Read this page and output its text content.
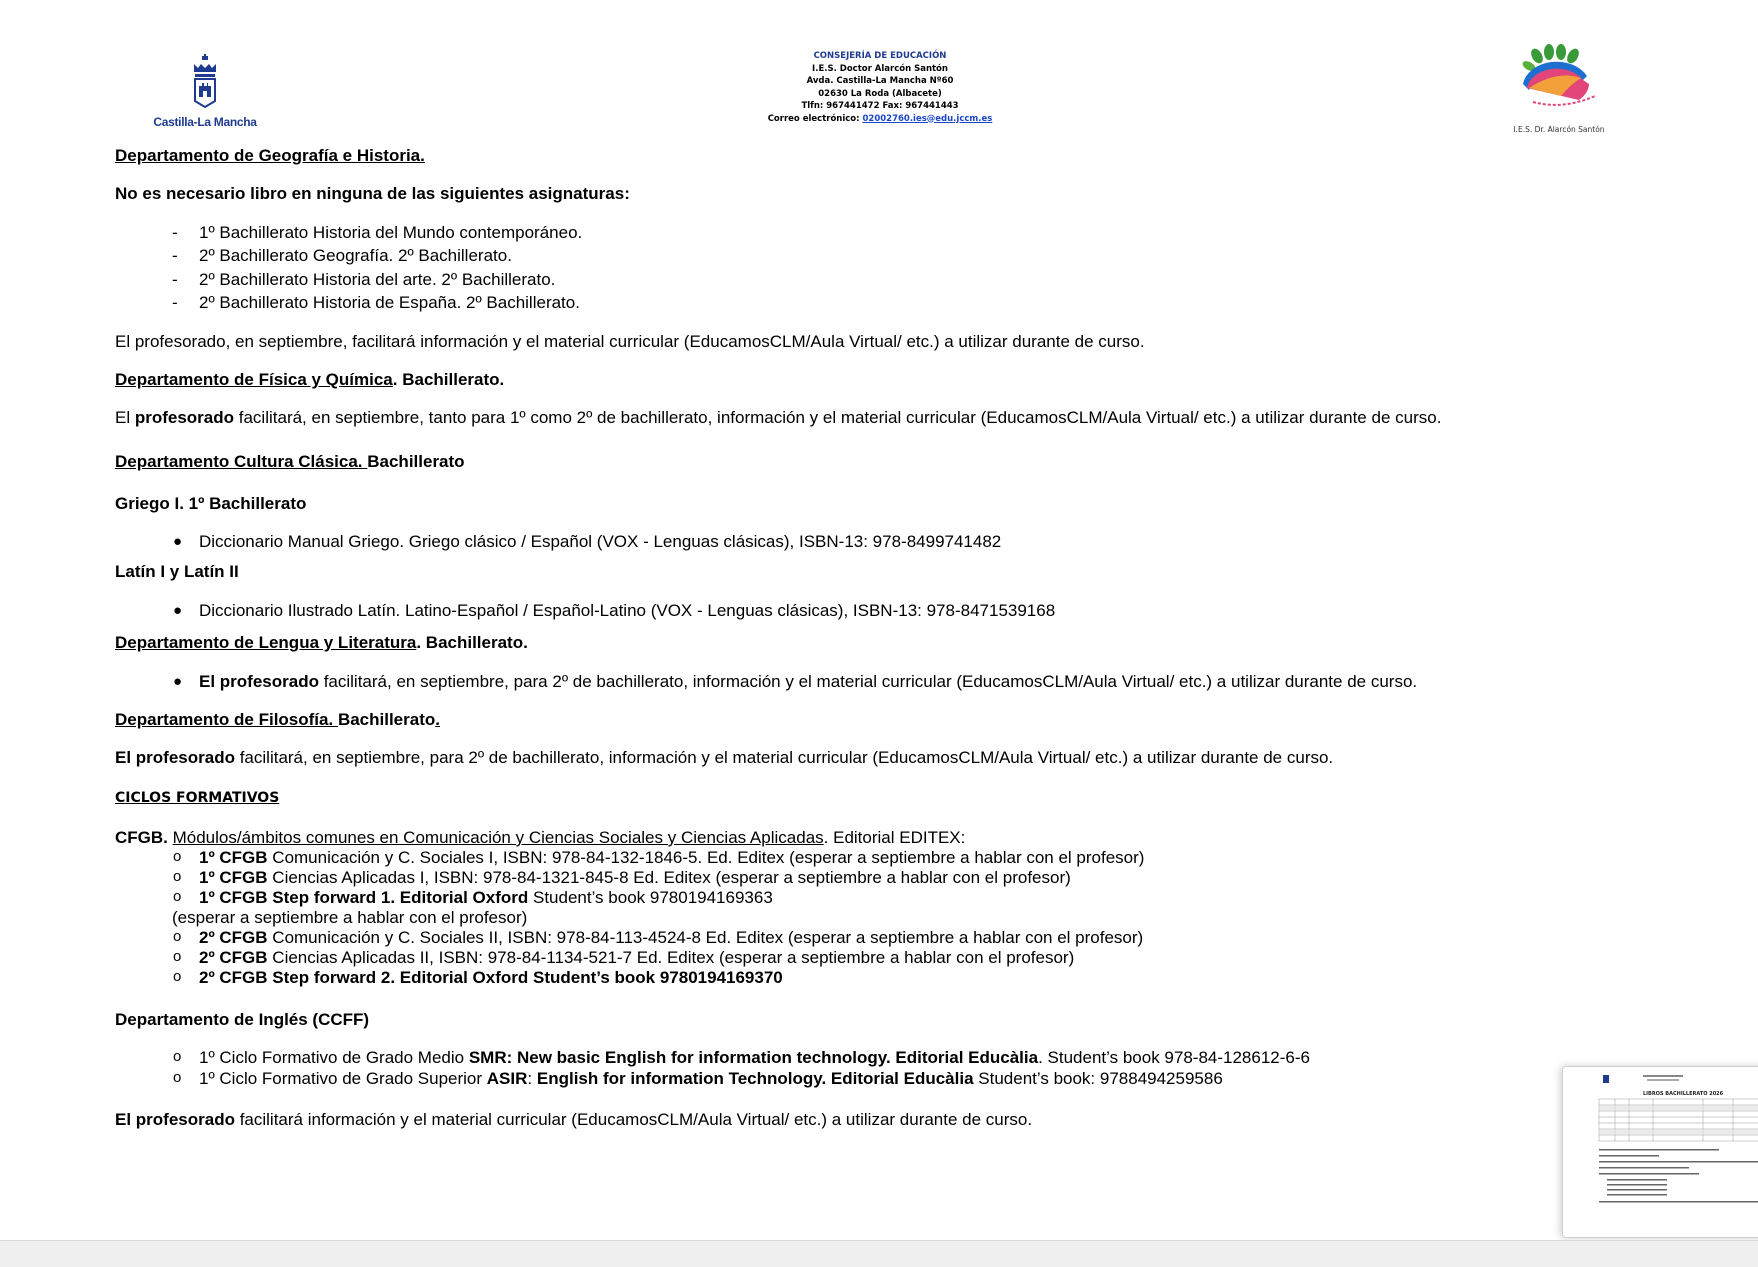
Castilla-La Mancha
CONSEJERÍA DE EDUCACIÓN
I.E.S. Doctor Alarcón Santón
Avda. Castilla-La Mancha Nº60
02630 La Roda (Albacete)
Tlfn: 967441472 Fax: 967441443
Correo electrónico: 02002760.ies@edu.jccm.es
I.E.S. Dr. Alarcón Santón
Departamento de Geografía e Historia.
No es necesario libro en ninguna de las siguientes asignaturas:
- 1º Bachillerato Historia del Mundo contemporáneo.
- 2º Bachillerato Geografía. 2º Bachillerato.
- 2º Bachillerato Historia del arte. 2º Bachillerato.
- 2º Bachillerato Historia de España. 2º Bachillerato.
El profesorado, en septiembre, facilitará información y el material curricular (EducamosCLM/Aula Virtual/ etc.) a utilizar durante de curso.
Departamento de Física y Química. Bachillerato.
El profesorado facilitará, en septiembre, tanto para 1º como 2º de bachillerato, información y el material curricular (EducamosCLM/Aula Virtual/ etc.) a utilizar durante de curso.
Departamento Cultura Clásica. Bachillerato
Griego I. 1º Bachillerato
● Diccionario Manual Griego. Griego clásico / Español (VOX - Lenguas clásicas), ISBN-13: 978-8499741482
Latín I y Latín II
● Diccionario Ilustrado Latín. Latino-Español / Español-Latino (VOX - Lenguas clásicas), ISBN-13: 978-8471539168
Departamento de Lengua y Literatura. Bachillerato.
● El profesorado facilitará, en septiembre, para 2º de bachillerato, información y el material curricular (EducamosCLM/Aula Virtual/ etc.) a utilizar durante de curso.
Departamento de Filosofía. Bachillerato.
El profesorado facilitará, en septiembre, para 2º de bachillerato, información y el material curricular (EducamosCLM/Aula Virtual/ etc.) a utilizar durante de curso.
CICLOS FORMATIVOS
CFGB. Módulos/ámbitos comunes en Comunicación y Ciencias Sociales y Ciencias Aplicadas. Editorial EDITEX:
o 1º CFGB Comunicación y C. Sociales I, ISBN: 978-84-132-1846-5. Ed. Editex (esperar a septiembre a hablar con el profesor)
o 1º CFGB Ciencias Aplicadas I, ISBN: 978-84-1321-845-8 Ed. Editex (esperar a septiembre a hablar con el profesor)
o 1º CFGB Step forward 1. Editorial Oxford Student’s book 9780194169363
(esperar a septiembre a hablar con el profesor)
o 2º CFGB Comunicación y C. Sociales II, ISBN: 978-84-113-4524-8 Ed. Editex (esperar a septiembre a hablar con el profesor)
o 2º CFGB Ciencias Aplicadas II, ISBN: 978-84-1134-521-7 Ed. Editex (esperar a septiembre a hablar con el profesor)
o 2º CFGB Step forward 2. Editorial Oxford Student’s book 9780194169370
Departamento de Inglés (CCFF)
o 1º Ciclo Formativo de Grado Medio SMR: New basic English for information technology. Editorial Educàlia. Student’s book 978-84-128612-6-6
o 1º Ciclo Formativo de Grado Superior ASIR: English for information Technology. Editorial Educàlia Student’s book: 9788494259586
El profesorado facilitará información y el material curricular (EducamosCLM/Aula Virtual/ etc.) a utilizar durante de curso.
LIBROS BACHILLERATO 2026
